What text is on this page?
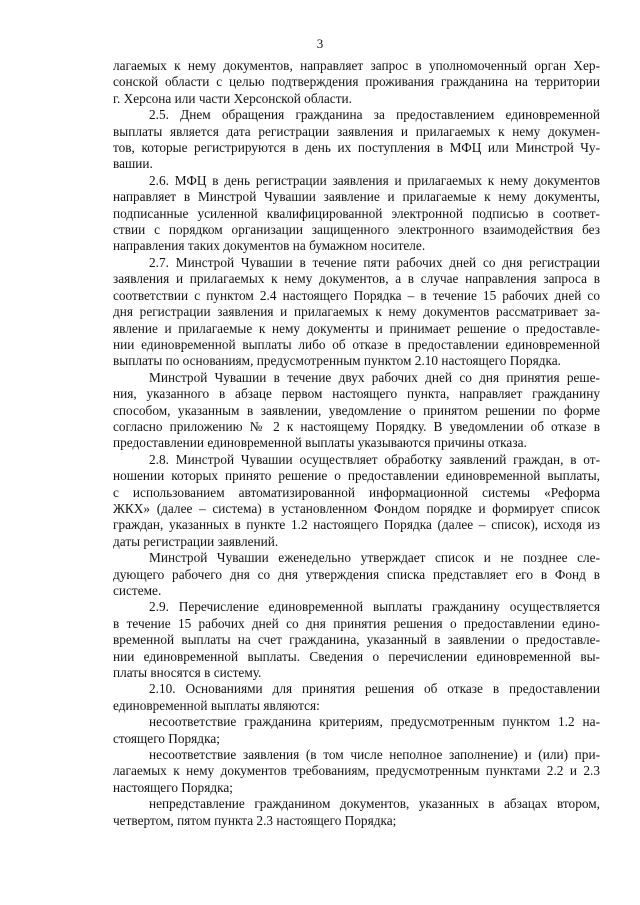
3
лагаемых к нему документов, направляет запрос в уполномоченный орган Хер-
сонской области с целью подтверждения проживания гражданина на территории
г. Херсона или части Херсонской области.
2.5. Днем обращения гражданина за предоставлением единовременной
выплаты является дата регистрации заявления и прилагаемых к нему докумен-
тов, которые регистрируются в день их поступления в МФЦ или Минстрой Чу-
вашии.
2.6. МФЦ в день регистрации заявления и прилагаемых к нему документов
направляет в Минстрой Чувашии заявление и прилагаемые к нему документы,
подписанные усиленной квалифицированной электронной подписью в соответ-
ствии с порядком организации защищенного электронного взаимодействия без
направления таких документов на бумажном носителе.
2.7. Минстрой Чувашии в течение пяти рабочих дней со дня регистрации
заявления и прилагаемых к нему документов, а в случае направления запроса в
соответствии с пунктом 2.4 настоящего Порядка – в течение 15 рабочих дней со
дня регистрации заявления и прилагаемых к нему документов рассматривает за-
явление и прилагаемые к нему документы и принимает решение о предоставле-
нии единовременной выплаты либо об отказе в предоставлении единовременной
выплаты по основаниям, предусмотренным пунктом 2.10 настоящего Порядка.
Минстрой Чувашии в течение двух рабочих дней со дня принятия реше-
ния, указанного в абзаце первом настоящего пункта, направляет гражданину
способом, указанным в заявлении, уведомление о принятом решении по форме
согласно приложению № 2 к настоящему Порядку. В уведомлении об отказе в
предоставлении единовременной выплаты указываются причины отказа.
2.8. Минстрой Чувашии осуществляет обработку заявлений граждан, в от-
ношении которых принято решение о предоставлении единовременной выплаты,
с использованием автоматизированной информационной системы «Реформа
ЖКХ» (далее – система) в установленном Фондом порядке и формирует список
граждан, указанных в пункте 1.2 настоящего Порядка (далее – список), исходя из
даты регистрации заявлений.
Минстрой Чувашии еженедельно утверждает список и не позднее сле-
дующего рабочего дня со дня утверждения списка представляет его в Фонд в
системе.
2.9. Перечисление единовременной выплаты гражданину осуществляется
в течение 15 рабочих дней со дня принятия решения о предоставлении едино-
временной выплаты на счет гражданина, указанный в заявлении о предоставле-
нии единовременной выплаты. Сведения о перечислении единовременной вы-
платы вносятся в систему.
2.10. Основаниями для принятия решения об отказе в предоставлении
единовременной выплаты являются:
несоответствие гражданина критериям, предусмотренным пунктом 1.2 на-
стоящего Порядка;
несоответствие заявления (в том числе неполное заполнение) и (или) при-
лагаемых к нему документов требованиям, предусмотренным пунктами 2.2 и 2.3
настоящего Порядка;
непредставление гражданином документов, указанных в абзацах втором,
четвертом, пятом пункта 2.3 настоящего Порядка;
